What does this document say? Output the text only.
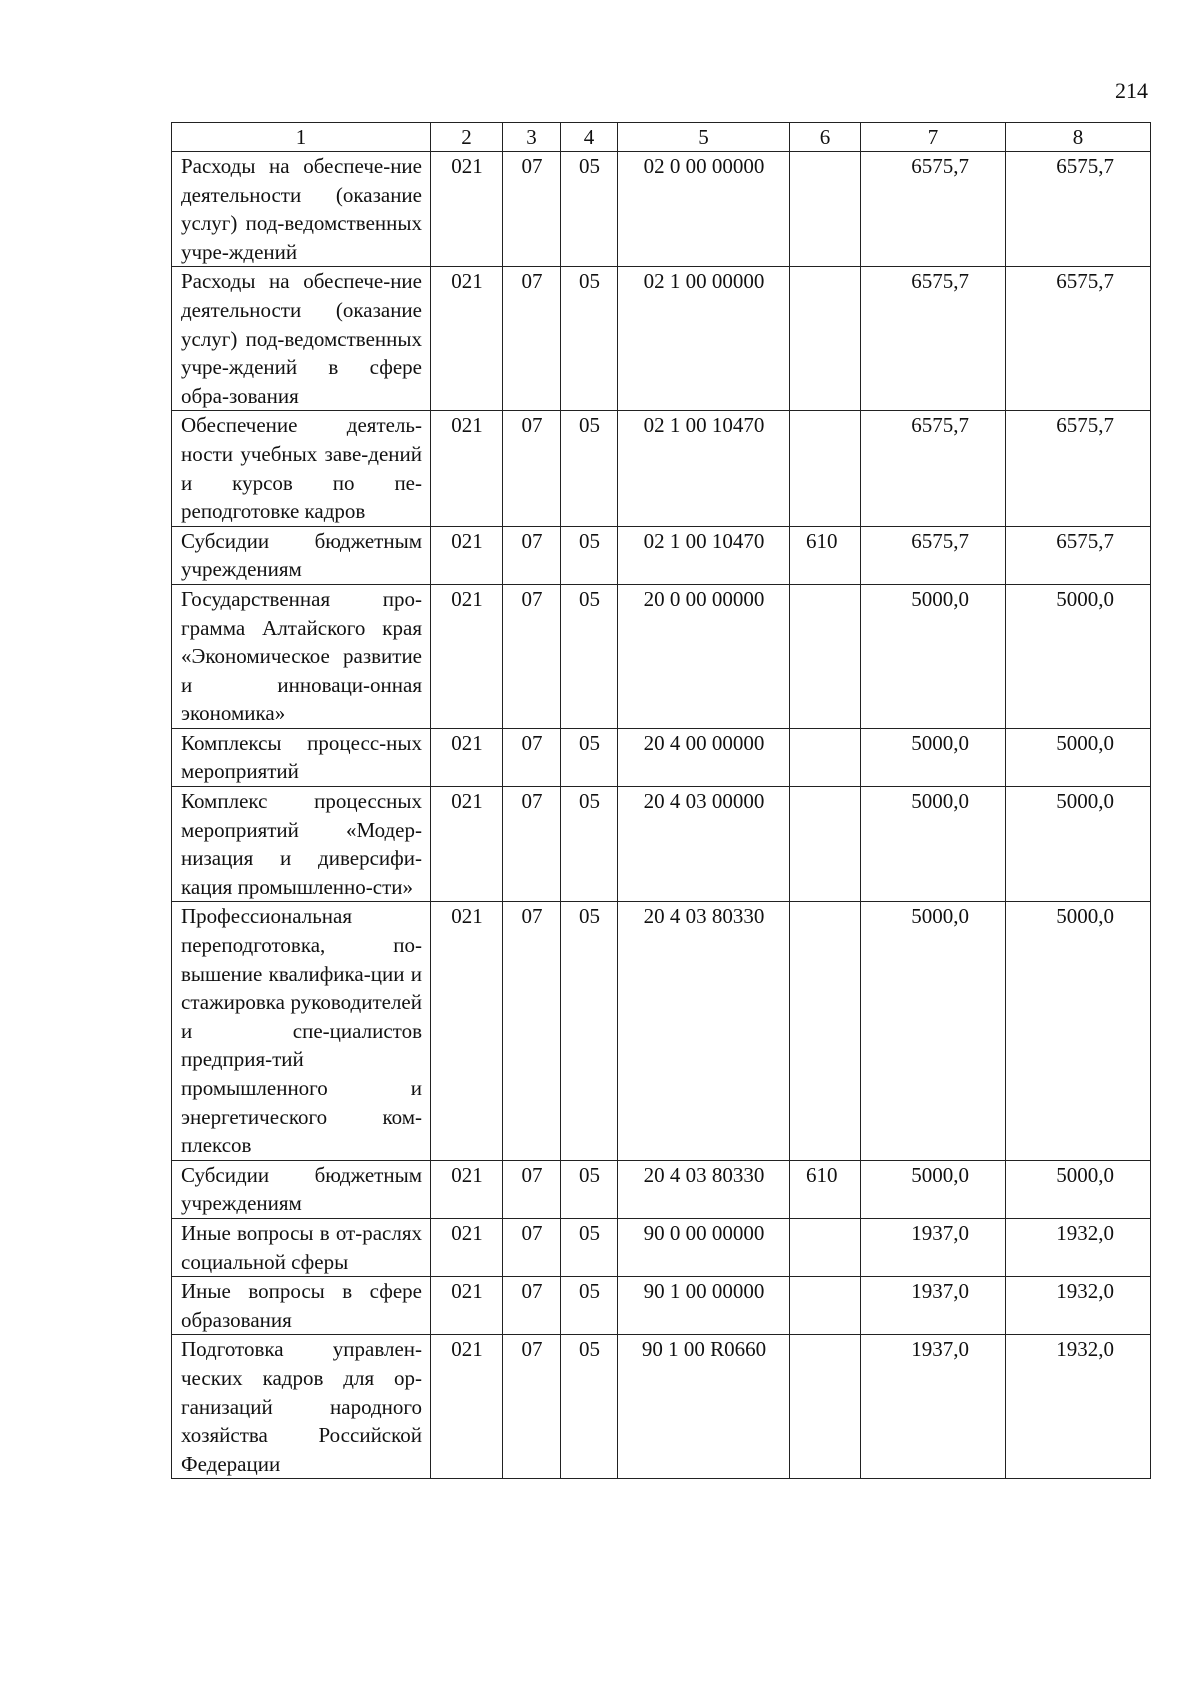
214
1	2	3	4	5	6	7	8
Расходы на обеспече-ние деятельности (оказание услуг) под-ведомственных учре-ждений	021	07	05	02 0 00 00000		6575,7	6575,7
Расходы на обеспече-ние деятельности (оказание услуг) под-ведомственных учре-ждений в сфере обра-зования	021	07	05	02 1 00 00000		6575,7	6575,7
Обеспечение деятель-ности учебных заве-дений и курсов по пе-реподготовке кадров	021	07	05	02 1 00 10470		6575,7	6575,7
Субсидии бюджетным учреждениям	021	07	05	02 1 00 10470	610	6575,7	6575,7
Государственная про-грамма Алтайского края «Экономическое развитие и инноваци-онная экономика»	021	07	05	20 0 00 00000		5000,0	5000,0
Комплексы процесс-ных мероприятий	021	07	05	20 4 00 00000		5000,0	5000,0
Комплекс процессных мероприятий «Модер-низация и диверсифи-кация промышленно-сти»	021	07	05	20 4 03 00000		5000,0	5000,0
Профессиональная переподготовка, по-вышение квалифика-ции и стажировка руководителей и спе-циалистов предприя-тий промышленного и энергетического ком-плексов	021	07	05	20 4 03 80330		5000,0	5000,0
Субсидии бюджетным учреждениям	021	07	05	20 4 03 80330	610	5000,0	5000,0
Иные вопросы в от-раслях социальной сферы	021	07	05	90 0 00 00000		1937,0	1932,0
Иные вопросы в сфере образования	021	07	05	90 1 00 00000		1937,0	1932,0
Подготовка управлен-ческих кадров для ор-ганизаций народного хозяйства Российской Федерации	021	07	05	90 1 00 R0660		1937,0	1932,0
